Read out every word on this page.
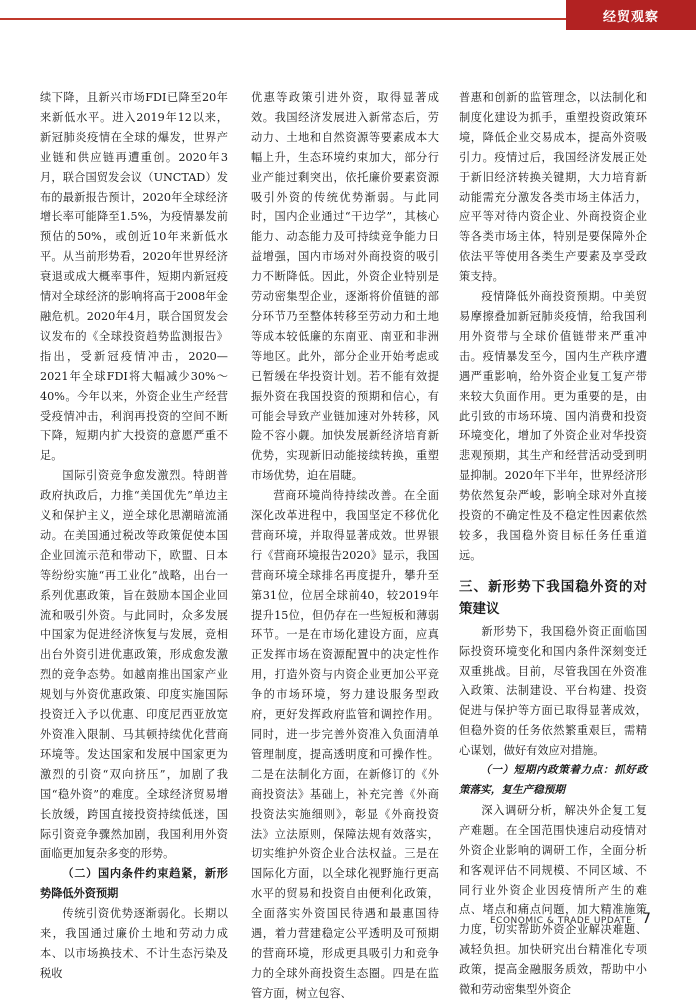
经贸观察

续下降，且新兴市场FDI已降至20年来新低水平。进入2019年12以来，新冠肺炎疫情在全球的爆发，世界产业链和供应链再遭重创。2020年3月，联合国贸发会议（UNCTAD）发布的最新报告预计，2020年全球经济增长率可能降至1.5%，为疫情暴发前预估的50%，或创近10年来新低水平。从当前形势看，2020年世界经济衰退或成大概率事件，短期内新冠疫情对全球经济的影响将高于2008年金融危机。2020年4月，联合国贸发会议发布的《全球投资趋势监测报告》指出，受新冠疫情冲击，2020—2021年全球FDI将大幅减少30%～40%。今年以来，外资企业生产经营受疫情冲击，利润再投资的空间不断下降，短期内扩大投资的意愿严重不足。

国际引资竞争愈发激烈。特朗普政府执政后，力推“美国优先”单边主义和保护主义，逆全球化思潮暗流涌动。在美国通过税改等政策促使本国企业回流示范和带动下，欧盟、日本等纷纷实施“再工业化”战略，出台一系列优惠政策，旨在鼓励本国企业回流和吸引外资。与此同时，众多发展中国家为促进经济恢复与发展，竞相出台外资引进优惠政策，形成愈发激烈的竞争态势。如越南推出国家产业规划与外资优惠政策、印度实施国际投资迁入予以优惠、印度尼西亚放宽外资准入限制、马其顿持续优化营商环境等。发达国家和发展中国家更为激烈的引资“双向挤压”，加剧了我国“稳外资”的难度。全球经济贸易增长放缓，跨国直接投资持续低迷，国际引资竞争骤然加剧，我国利用外资面临更加复杂多变的形势。

（二）国内条件约束趋紧，新形势降低外资预期

传统引资优势逐渐弱化。长期以来，我国通过廉价土地和劳动力成本、以市场换技术、不计生态污染及税收

优惠等政策引进外资，取得显著成效。我国经济发展进入新常态后，劳动力、土地和自然资源等要素成本大幅上升，生态环境约束加大，部分行业产能过剩突出，依托廉价要素资源吸引外资的传统优势渐弱。与此同时，国内企业通过“干边学”，其核心能力、动态能力及可持续竞争能力日益增强，国内市场对外商投资的吸引力不断降低。因此，外资企业特别是劳动密集型企业，逐渐将价值链的部分环节乃至整体转移至劳动力和土地等成本较低廉的东南亚、南亚和非洲等地区。此外，部分企业开始考虑或已暂缓在华投资计划。若不能有效提振外资在我国投资的预期和信心，有可能会导致产业链加速对外转移，风险不容小觑。加快发展新经济培育新优势，实现新旧动能接续转换，重塑市场优势，迫在眉睫。

营商环境尚待持续改善。在全面深化改革进程中，我国坚定不移优化营商环境，并取得显著成效。世界银行《营商环境报告2020》显示，我国营商环境全球排名再度提升，攀升至第31位，位居全球前40，较2019年提升15位，但仍存在一些短板和薄弱环节。一是在市场化建设方面，应真正发挥市场在资源配置中的决定性作用，打造外资与内资企业更加公平竞争的市场环境，努力建设服务型政府，更好发挥政府监管和调控作用。同时，进一步完善外资准入负面清单管理制度，提高透明度和可操作性。二是在法制化方面，在新修订的《外商投资法》基础上，补充完善《外商投资法实施细则》，彰显《外商投资法》立法原则，保障法规有效落实，切实维护外资企业合法权益。三是在国际化方面，以全球化视野施行更高水平的贸易和投资自由便利化政策，全面落实外资国民待遇和最惠国待遇，着力营建稳定公平透明及可预期的营商环境，形成更具吸引力和竞争力的全球外商投资生态圈。四是在监管方面，树立包容、

普惠和创新的监管理念，以法制化和制度化建设为抓手，重塑投资政策环境，降低企业交易成本，提高外资吸引力。疫情过后，我国经济发展正处于新旧经济转换关键期，大力培育新动能需充分激发各类市场主体活力，应平等对待内资企业、外商投资企业等各类市场主体，特别是要保障外企依法平等使用各类生产要素及享受政策支持。

疫情降低外商投资预期。中美贸易摩擦叠加新冠肺炎疫情，给我国利用外资带与全球价值链带来严重冲击。疫情暴发至今，国内生产秩序遭遇严重影响，给外资企业复工复产带来较大负面作用。更为重要的是，由此引致的市场环境、国内消费和投资环境变化，增加了外资企业对华投资悲观预期，其生产和经营活动受到明显抑制。2020年下半年，世界经济形势依然复杂严峻，影响全球对外直接投资的不确定性及不稳定性因素依然较多，我国稳外资目标任务任重道远。

三、新形势下我国稳外资的对策建议

新形势下，我国稳外资正面临国际投资环境变化和国内条件深刻变迁双重挑战。目前，尽管我国在外资准入政策、法制建设、平台构建、投资促进与保护等方面已取得显著成效，但稳外资的任务依然繁重艰巨，需精心谋划，做好有效应对措施。

（一）短期内政策着力点：抓好政策落实，复生产稳预期

深入调研分析，解决外企复工复产难题。在全国范围快速启动疫情对外资企业影响的调研工作，全面分析和客观评估不同规模、不同区域、不同行业外资企业因疫情所产生的难点、堵点和痛点问题，加大精准施策力度，切实帮助外资企业解决难题、减轻负担。加快研究出台精准化专项政策，提高金融服务质效，帮助中小微和劳动密集型外资企

ECONOMIC & TRADE UPDATE 7
